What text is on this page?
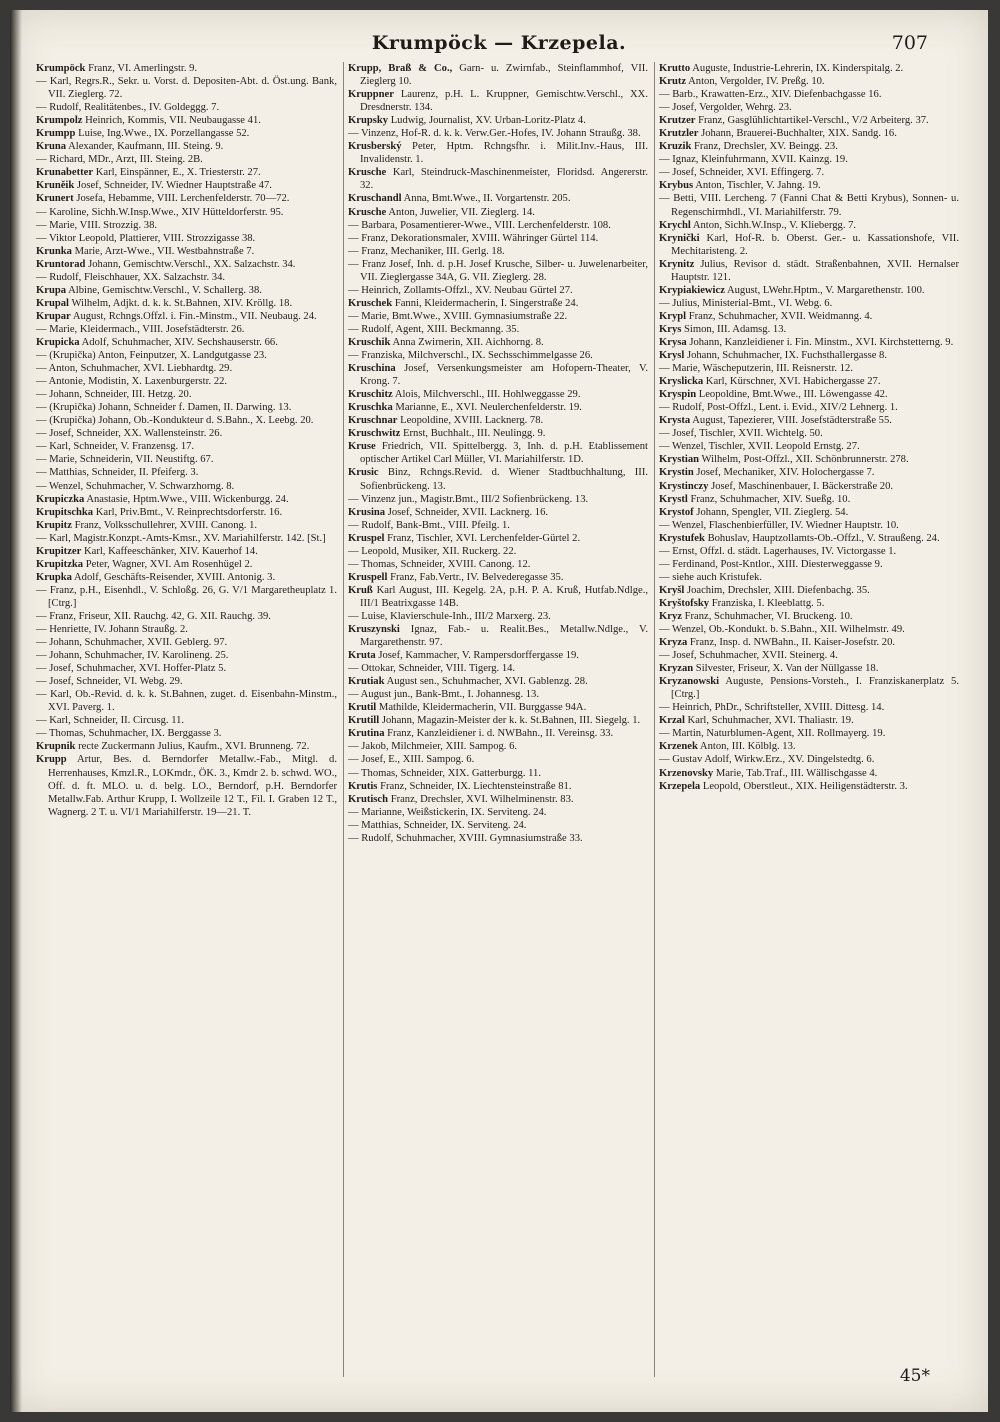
Krumpöck — Krzepela.	707

Krumpöck Franz, VI. Amerlingstr. 9.

— Karl, Regrs.R., Sekr. u. Vorst. d. Depositen-Abt. d. Öst.ung. Bank, VII. Zieglerg. 72.

— Rudolf, Realitätenbes., IV. Goldeggg. 7.

Krumpolz Heinrich, Kommis, VII. Neubaugasse 41.

Krumpp Luise, Ing.Wwe., IX. Porzellangasse 52.

Kruna Alexander, Kaufmann, III. Steing. 9.

— Richard, MDr., Arzt, III. Steing. 2B.

Krunabetter Karl, Einspänner, E., X. Triesterstr. 27.

Kruněik Josef, Schneider, IV. Wiedner Hauptstraße 47.

Krunert Josefa, Hebamme, VIII. Lerchenfelderstr. 70—72.

— Karoline, Sichh.W.Insp.Wwe., XIV Hütteldorferstr. 95.

— Marie, VIII. Strozzig. 38.

— Viktor Leopold, Plattierer, VIII. Strozzigasse 38.

Krunka Marie, Arzt-Wwe., VII. Westbahnstraße 7.

Kruntorad Johann, Gemischtw.Verschl., XX. Salzachstr. 34.

— Rudolf, Fleischhauer, XX. Salzachstr. 34.

Krupa Albine, Gemischtw.Verschl., V. Schallerg. 38.

Krupal Wilhelm, Adjkt. d. k. k. St.Bahnen, XIV. Kröllg. 18.

Krupar August, Rchngs.Offzl. i. Fin.-Minstm., VII. Neubaug. 24.

— Marie, Kleidermach., VIII. Josefstädterstr. 26.

Krupicka Adolf, Schuhmacher, XIV. Sechshauserstr. 66.

— (Krupička) Anton, Feinputzer, X. Landgutgasse 23.

— Anton, Schuhmacher, XVI. Liebhardtg. 29.

— Antonie, Modistin, X. Laxenburgerstr. 22.

— Johann, Schneider, III. Hetzg. 20.

— (Krupička) Johann, Schneider f. Damen, II. Darwing. 13.

— (Krupička) Johann, Ob.-Kondukteur d. S.Bahn., X. Leebg. 20.

— Josef, Schneider, XX. Wallensteinstr. 26.

— Karl, Schneider, V. Franzensg. 17.

— Marie, Schneiderin, VII. Neustiftg. 67.

— Matthias, Schneider, II. Pfeiferg. 3.

— Wenzel, Schuhmacher, V. Schwarzhorng. 8.

Krupiczka Anastasie, Hptm.Wwe., VIII. Wickenburgg. 24.

Krupitschka Karl, Priv.Bmt., V. Reinprechtsdorferstr. 16.

Krupitz Franz, Volksschullehrer, XVIII. Canong. 1.

— Karl, Magistr.Konzpt.-Amts-Kmsr., XV. Mariahilferstr. 142. [St.]

Krupitzer Karl, Kaffeeschänker, XIV. Kauerhof 14.

Krupitzka Peter, Wagner, XVI. Am Rosenhügel 2.

Krupka Adolf, Geschäfts-Reisender, XVIII. Antonig. 3.

— Franz, p.H., Eisenhdl., V. Schloßg. 26, G. V/1 Margaretheuplatz 1. [Ctrg.]

— Franz, Friseur, XII. Rauchg. 42, G. XII. Rauchg. 39.

— Henriette, IV. Johann Straußg. 2.

— Johann, Schuhmacher, XVII. Geblerg. 97.

— Johann, Schuhmacher, IV. Karolineng. 25.

— Josef, Schuhmacher, XVI. Hoffer-Platz 5.

— Josef, Schneider, VI. Webg. 29.

— Karl, Ob.-Revid. d. k. k. St.Bahnen, zuget. d. Eisenbahn-Minstm., XVI. Paverg. 1.

— Karl, Schneider, II. Circusg. 11.

— Thomas, Schuhmacher, IX. Berggasse 3.

Krupnik recte Zuckermann Julius, Kaufm., XVI. Brunneng. 72.

Krupp Artur, Bes. d. Berndorfer Metallw.-Fab., Mitgl. d. Herrenhauses, Kmzl.R., LOKmdr., ÖK. 3., Kmdr 2. b. schwd. WO., Off. d. ft. MLO. u. d. belg. LO., Berndorf, p.H. Berndorfer Metallw.Fab. Arthur Krupp, I. Wollzeile 12 T., Fil. I. Graben 12 T., Wagnerg. 2 T. u. VI/1 Mariahilferstr. 19—21. T.

Krupp, Braß & Co., Garn- u. Zwirnfab., Steinflammhof, VII. Zieglerg 10.

Kruppner Laurenz, p.H. L. Kruppner, Gemischtw.Verschl., XX. Dresdnerstr. 134.

Krupsky Ludwig, Journalist, XV. Urban-Loritz-Platz 4.

— Vinzenz, Hof-R. d. k. k. Verw.Ger.-Hofes, IV. Johann Straußg. 38.

Krusberský Peter, Hptm. Rchngsfhr. i. Milit.Inv.-Haus, III. Invalidenstr. 1.

Krusche Karl, Steindruck-Maschinenmeister, Floridsd. Angererstr. 32.

Kruschandl Anna, Bmt.Wwe., II. Vorgartenstr. 205.

Krusche Anton, Juwelier, VII. Zieglerg. 14.

— Barbara, Posamentierer-Wwe., VIII. Lerchenfelderstr. 108.

— Franz, Dekorationsmaler, XVIII. Währinger Gürtel 114.

— Franz, Mechaniker, III. Gerlg. 18.

— Franz Josef, Inh. d. p.H. Josef Krusche, Silber- u. Juwelenarbeiter, VII. Zieglergasse 34A, G. VII. Zieglerg. 28.

— Heinrich, Zollamts-Offzl., XV. Neubau Gürtel 27.

Kruschek Fanni, Kleidermacherin, I. Singerstraße 24.

— Marie, Bmt.Wwe., XVIII. Gymnasiumstraße 22.

— Rudolf, Agent, XIII. Beckmanng. 35.

Kruschik Anna Zwirnerin, XII. Aichhorng. 8.

— Franziska, Milchverschl., IX. Sechsschimmelgasse 26.

Kruschina Josef, Versenkungsmeister am Hofopern-Theater, V. Krong. 7.

Kruschitz Alois, Milchverschl., III. Hohlweggasse 29.

Kruschka Marianne, E., XVI. Neulerchenfelderstr. 19.

Kruschnar Leopoldine, XVIII. Lacknerg. 78.

Kruschwitz Ernst, Buchhalt., III. Neulingg. 9.

Kruse Friedrich, VII. Spittelbergg. 3, Inh. d. p.H. Etablissement optischer Artikel Carl Müller, VI. Mariahilferstr. 1D.

Krusic Binz, Rchngs.Revid. d. Wiener Stadtbuchhaltung, III. Sofienbrückeng. 13.

— Vinzenz jun., Magistr.Bmt., III/2 Sofienbrückeng. 13.

Krusina Josef, Schneider, XVII. Lacknerg. 16.

— Rudolf, Bank-Bmt., VIII. Pfeilg. 1.

Kruspel Franz, Tischler, XVI. Lerchenfelder-Gürtel 2.

— Leopold, Musiker, XII. Ruckerg. 22.

— Thomas, Schneider, XVIII. Canong. 12.

Kruspell Franz, Fab.Vertr., IV. Belvederegasse 35.

Kruß Karl August, III. Kegelg. 2A, p.H. P. A. Kruß, Hutfab.Ndlge., III/1 Beatrixgasse 14B.

— Luise, Klavierschule-Inh., III/2 Marxerg. 23.

Kruszynski Ignaz, Fab.- u. Realit.Bes., Metallw.Ndlge., V. Margarethenstr. 97.

Kruta Josef, Kammacher, V. Rampersdorffergasse 19.

— Ottokar, Schneider, VIII. Tigerg. 14.

Krutiak August sen., Schuhmacher, XVI. Gablenzg. 28.

— August jun., Bank-Bmt., I. Johannesg. 13.

Krutil Mathilde, Kleidermacherin, VII. Burggasse 94A.

Krutill Johann, Magazin-Meister der k. k. St.Bahnen, III. Siegelg. 1.

Krutina Franz, Kanzleidiener i. d. NWBahn., II. Vereinsg. 33.

— Jakob, Milchmeier, XIII. Sampog. 6.

— Josef, E., XIII. Sampog. 6.

— Thomas, Schneider, XIX. Gatterburgg. 11.

Krutis Franz, Schneider, IX. Liechtensteinstraße 81.

Krutisch Franz, Drechsler, XVI. Wilhelminenstr. 83.

— Marianne, Weißstickerin, IX. Serviteng. 24.

— Matthias, Schneider, IX. Serviteng. 24.

— Rudolf, Schuhmacher, XVIII. Gymnasiumstraße 33.

Krutto Auguste, Industrie-Lehrerin, IX. Kinderspitalg. 2.

Krutz Anton, Vergolder, IV. Preßg. 10.

— Barb., Krawatten-Erz., XIV. Diefenbachgasse 16.

— Josef, Vergolder, Wehrg. 23.

Krutzer Franz, Gasglühlichtartikel-Verschl., V/2 Arbeiterg. 37.

Krutzler Johann, Brauerei-Buchhalter, XIX. Sandg. 16.

Kruzik Franz, Drechsler, XV. Beingg. 23.

— Ignaz, Kleinfuhrmann, XVII. Kainzg. 19.

— Josef, Schneider, XVI. Effingerg. 7.

Krybus Anton, Tischler, V. Jahng. 19.

— Betti, VIII. Lercheng. 7 (Fanni Chat & Betti Krybus), Sonnen- u. Regenschirmhdl., VI. Mariahilferstr. 79.

Krychl Anton, Sichh.W.Insp., V. Kliebergg. 7.

Krynički Karl, Hof-R. b. Oberst. Ger.- u. Kassationshofe, VII. Mechitaristeng. 2.

Krynitz Julius, Revisor d. städt. Straßenbahnen, XVII. Hernalser Hauptstr. 121.

Krypiakiewicz August, LWehr.Hptm., V. Margarethenstr. 100.

— Julius, Ministerial-Bmt., VI. Webg. 6.

Krypl Franz, Schuhmacher, XVII. Weidmanng. 4.

Krys Simon, III. Adamsg. 13.

Krysa Johann, Kanzleidiener i. Fin. Minstm., XVI. Kirchstetterng. 9.

Krysl Johann, Schuhmacher, IX. Fuchsthallergasse 8.

— Marie, Wäscheputzerin, III. Reisnerstr. 12.

Kryslicka Karl, Kürschner, XVI. Habichergasse 27.

Kryspin Leopoldine, Bmt.Wwe., III. Löwengasse 42.

— Rudolf, Post-Offzl., Lent. i. Evid., XIV/2 Lehnerg. 1.

Krysta August, Tapezierer, VIII. Josefstädterstraße 55.

— Josef, Tischler, XVII. Wichtelg. 50.

— Wenzel, Tischler, XVII. Leopold Ernstg. 27.

Krystian Wilhelm, Post-Offzl., XII. Schönbrunnerstr. 278.

Krystin Josef, Mechaniker, XIV. Holochergasse 7.

Krystinczy Josef, Maschinenbauer, I. Bäckerstraße 20.

Krystl Franz, Schuhmacher, XIV. Sueßg. 10.

Krystof Johann, Spengler, VII. Zieglerg. 54.

— Wenzel, Flaschenbierfüller, IV. Wiedner Hauptstr. 10.

Krystufek Bohuslav, Hauptzollamts-Ob.-Offzl., V. Straußeng. 24.

— Ernst, Offzl. d. städt. Lagerhauses, IV. Victorgasse 1.

— Ferdinand, Post-Kntlor., XIII. Diesterweggasse 9.

— siehe auch Kristufek.

Kryšl Joachim, Drechsler, XIII. Diefenbachg. 35.

Kryštofsky Franziska, I. Kleeblattg. 5.

Kryz Franz, Schuhmacher, VI. Bruckeng. 10.

— Wenzel, Ob.-Kondukt. b. S.Bahn., XII. Wilhelmstr. 49.

Kryza Franz, Insp. d. NWBahn., II. Kaiser-Josefstr. 20.

— Josef, Schuhmacher, XVII. Steinerg. 4.

Kryzan Silvester, Friseur, X. Van der Nüllgasse 18.

Kryzanowski Auguste, Pensions-Vorsteh., I. Franziskanerplatz 5. [Ctrg.]

— Heinrich, PhDr., Schriftsteller, XVIII. Dittesg. 14.

Krzal Karl, Schuhmacher, XVI. Thaliastr. 19.

— Martin, Naturblumen-Agent, XII. Rollmayerg. 19.

Krzenek Anton, III. Kölblg. 13.

— Gustav Adolf, Wirkw.Erz., XV. Dingelstedtg. 6.

Krzenovsky Marie, Tab.Traf., III. Wällischgasse 4.

Krzepela Leopold, Oberstleut., XIX. Heiligenstädterstr. 3.

45*
